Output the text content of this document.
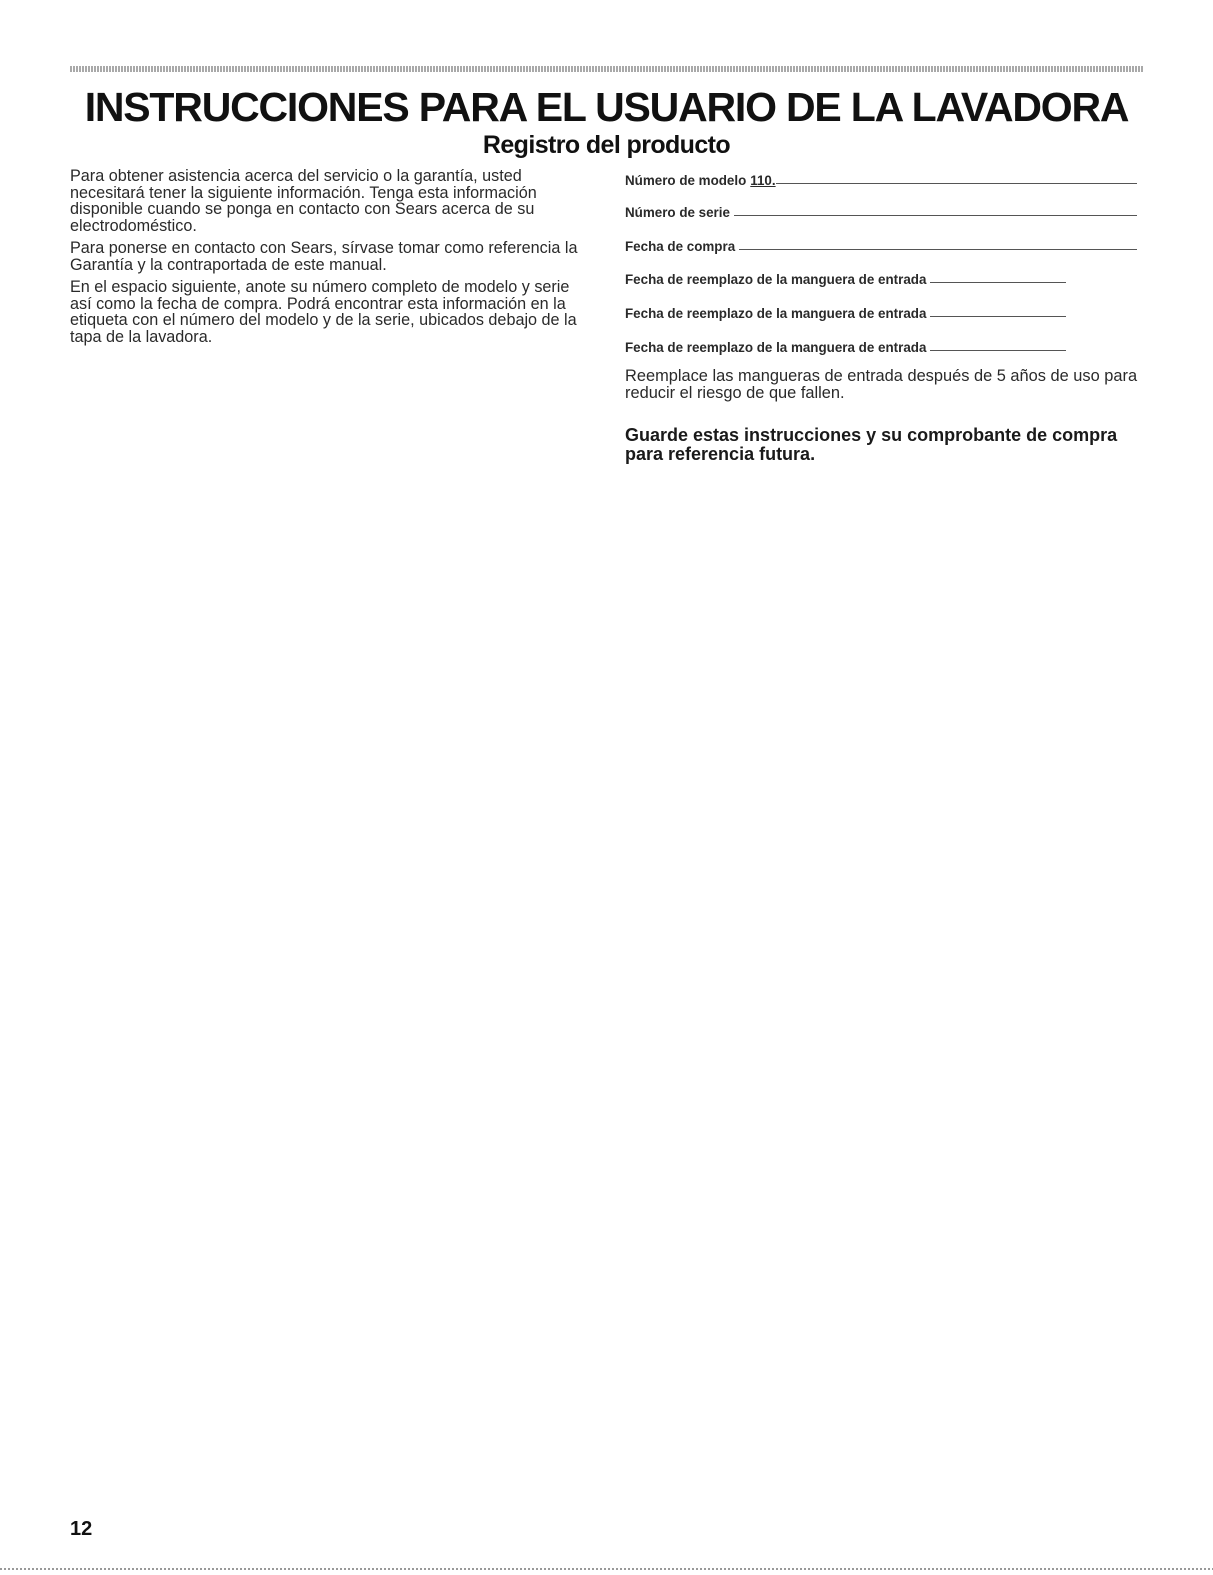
INSTRUCCIONES PARA EL USUARIO DE LA LAVADORA
Registro del producto

Para obtener asistencia acerca del servicio o la garantía, usted necesitará tener la siguiente información. Tenga esta información disponible cuando se ponga en contacto con Sears acerca de su electrodoméstico.

Para ponerse en contacto con Sears, sírvase tomar como referencia la Garantía y la contraportada de este manual.

En el espacio siguiente, anote su número completo de modelo y serie así como la fecha de compra. Podrá encontrar esta información en la etiqueta con el número del modelo y de la serie, ubicados debajo de la tapa de la lavadora.

Número de modelo 110.
Número de serie
Fecha de compra
Fecha de reemplazo de la manguera de entrada
Fecha de reemplazo de la manguera de entrada
Fecha de reemplazo de la manguera de entrada

Reemplace las mangueras de entrada después de 5 años de uso para reducir el riesgo de que fallen.

Guarde estas instrucciones y su comprobante de compra para referencia futura.

12
